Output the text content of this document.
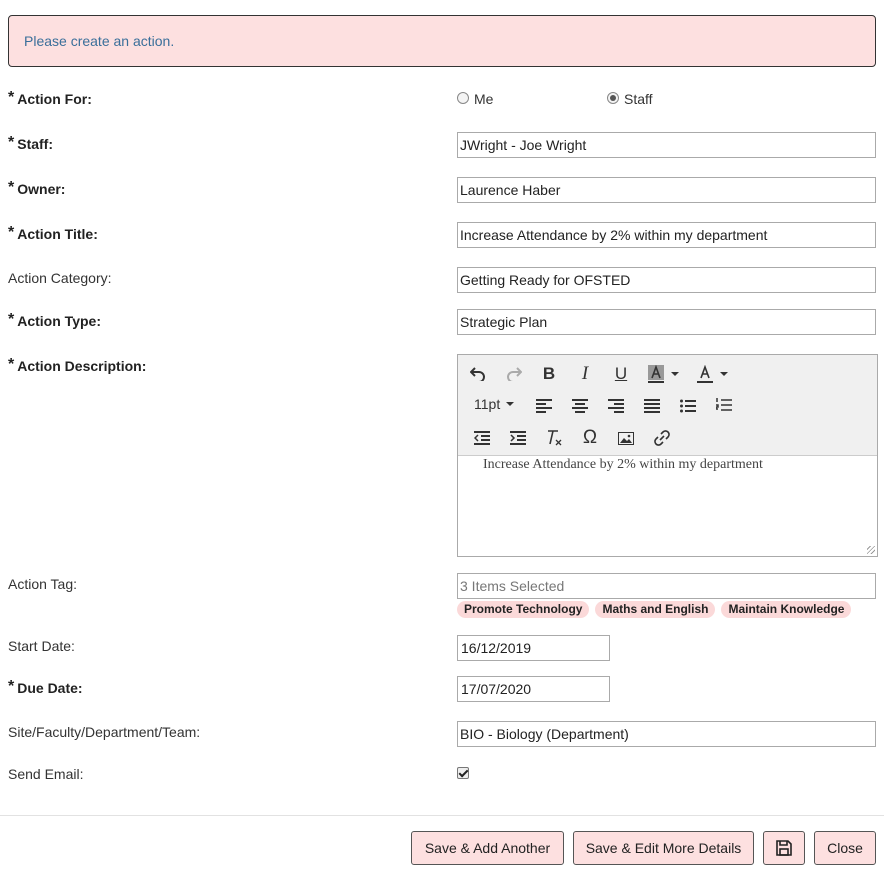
Please create an action.
* Action For:	Me	Staff
* Staff:	JWright - Joe Wright
* Owner:	Laurence Haber
* Action Title:	Increase Attendance by 2% within my department
Action Category:	Getting Ready for OFSTED
* Action Type:	Strategic Plan
* Action Description:	B	I	U
11pt
Ω
Increase Attendance by 2% within my department
Action Tag:	3 Items Selected
Promote Technology	Maths and English	Maintain Knowledge
Start Date:	16/12/2019
* Due Date:	17/07/2020
Site/Faculty/Department/Team:	BIO - Biology (Department)
Send Email:
Save & Add Another	Save & Edit More Details	Close
